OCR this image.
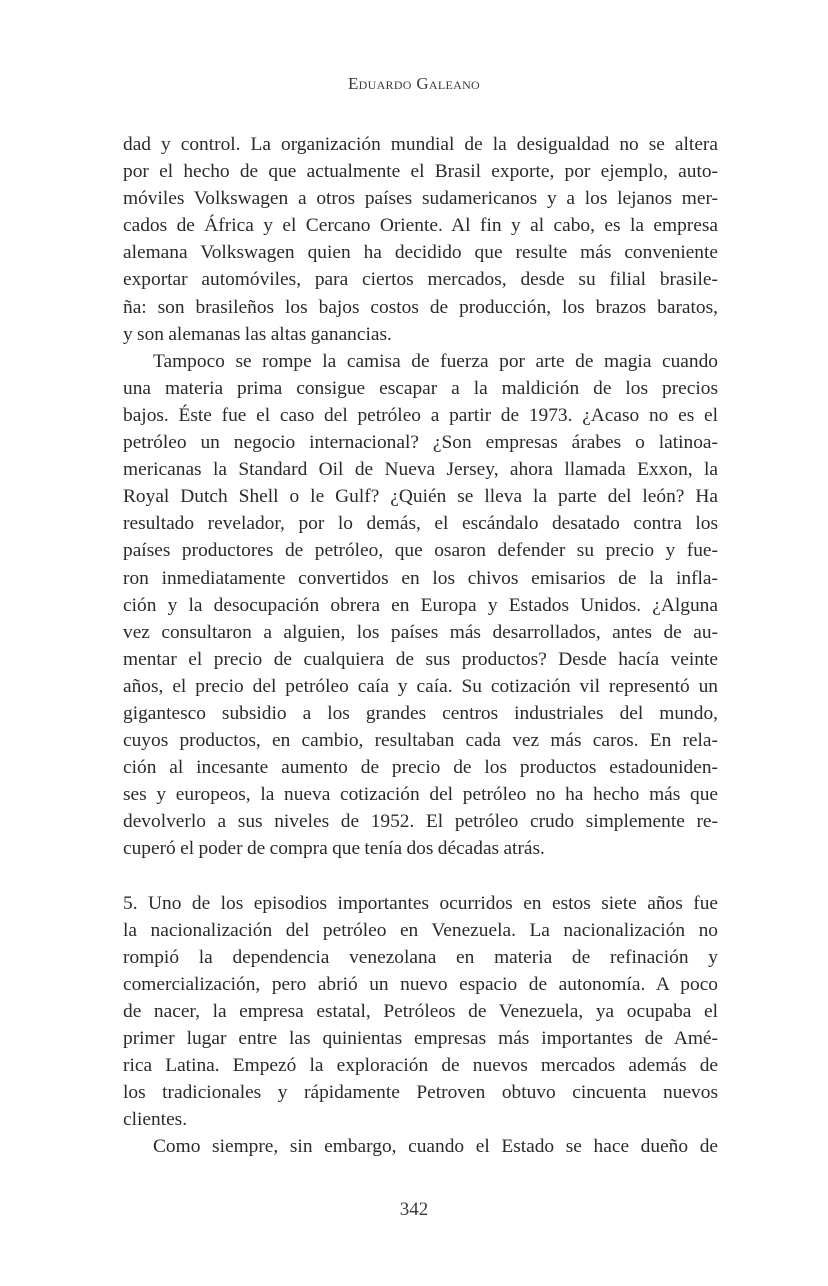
Eduardo Galeano
dad y control. La organización mundial de la desigualdad no se altera
por el hecho de que actualmente el Brasil exporte, por ejemplo, auto-
móviles Volkswagen a otros países sudamericanos y a los lejanos mer-
cados de África y el Cercano Oriente. Al fin y al cabo, es la empresa
alemana Volkswagen quien ha decidido que resulte más conveniente
exportar automóviles, para ciertos mercados, desde su filial brasile-
ña: son brasileños los bajos costos de producción, los brazos baratos,
y son alemanas las altas ganancias.
Tampoco se rompe la camisa de fuerza por arte de magia cuando
una materia prima consigue escapar a la maldición de los precios
bajos. Éste fue el caso del petróleo a partir de 1973. ¿Acaso no es el
petróleo un negocio internacional? ¿Son empresas árabes o latinoa-
mericanas la Standard Oil de Nueva Jersey, ahora llamada Exxon, la
Royal Dutch Shell o le Gulf? ¿Quién se lleva la parte del león? Ha
resultado revelador, por lo demás, el escándalo desatado contra los
países productores de petróleo, que osaron defender su precio y fue-
ron inmediatamente convertidos en los chivos emisarios de la infla-
ción y la desocupación obrera en Europa y Estados Unidos. ¿Alguna
vez consultaron a alguien, los países más desarrollados, antes de au-
mentar el precio de cualquiera de sus productos? Desde hacía veinte
años, el precio del petróleo caía y caía. Su cotización vil representó un
gigantesco subsidio a los grandes centros industriales del mundo,
cuyos productos, en cambio, resultaban cada vez más caros. En rela-
ción al incesante aumento de precio de los productos estadouniden-
ses y europeos, la nueva cotización del petróleo no ha hecho más que
devolverlo a sus niveles de 1952. El petróleo crudo simplemente re-
cuperó el poder de compra que tenía dos décadas atrás.
5. Uno de los episodios importantes ocurridos en estos siete años fue
la nacionalización del petróleo en Venezuela. La nacionalización no
rompió la dependencia venezolana en materia de refinación y
comercialización, pero abrió un nuevo espacio de autonomía. A poco
de nacer, la empresa estatal, Petróleos de Venezuela, ya ocupaba el
primer lugar entre las quinientas empresas más importantes de Amé-
rica Latina. Empezó la exploración de nuevos mercados además de
los tradicionales y rápidamente Petroven obtuvo cincuenta nuevos
clientes.
Como siempre, sin embargo, cuando el Estado se hace dueño de
342
